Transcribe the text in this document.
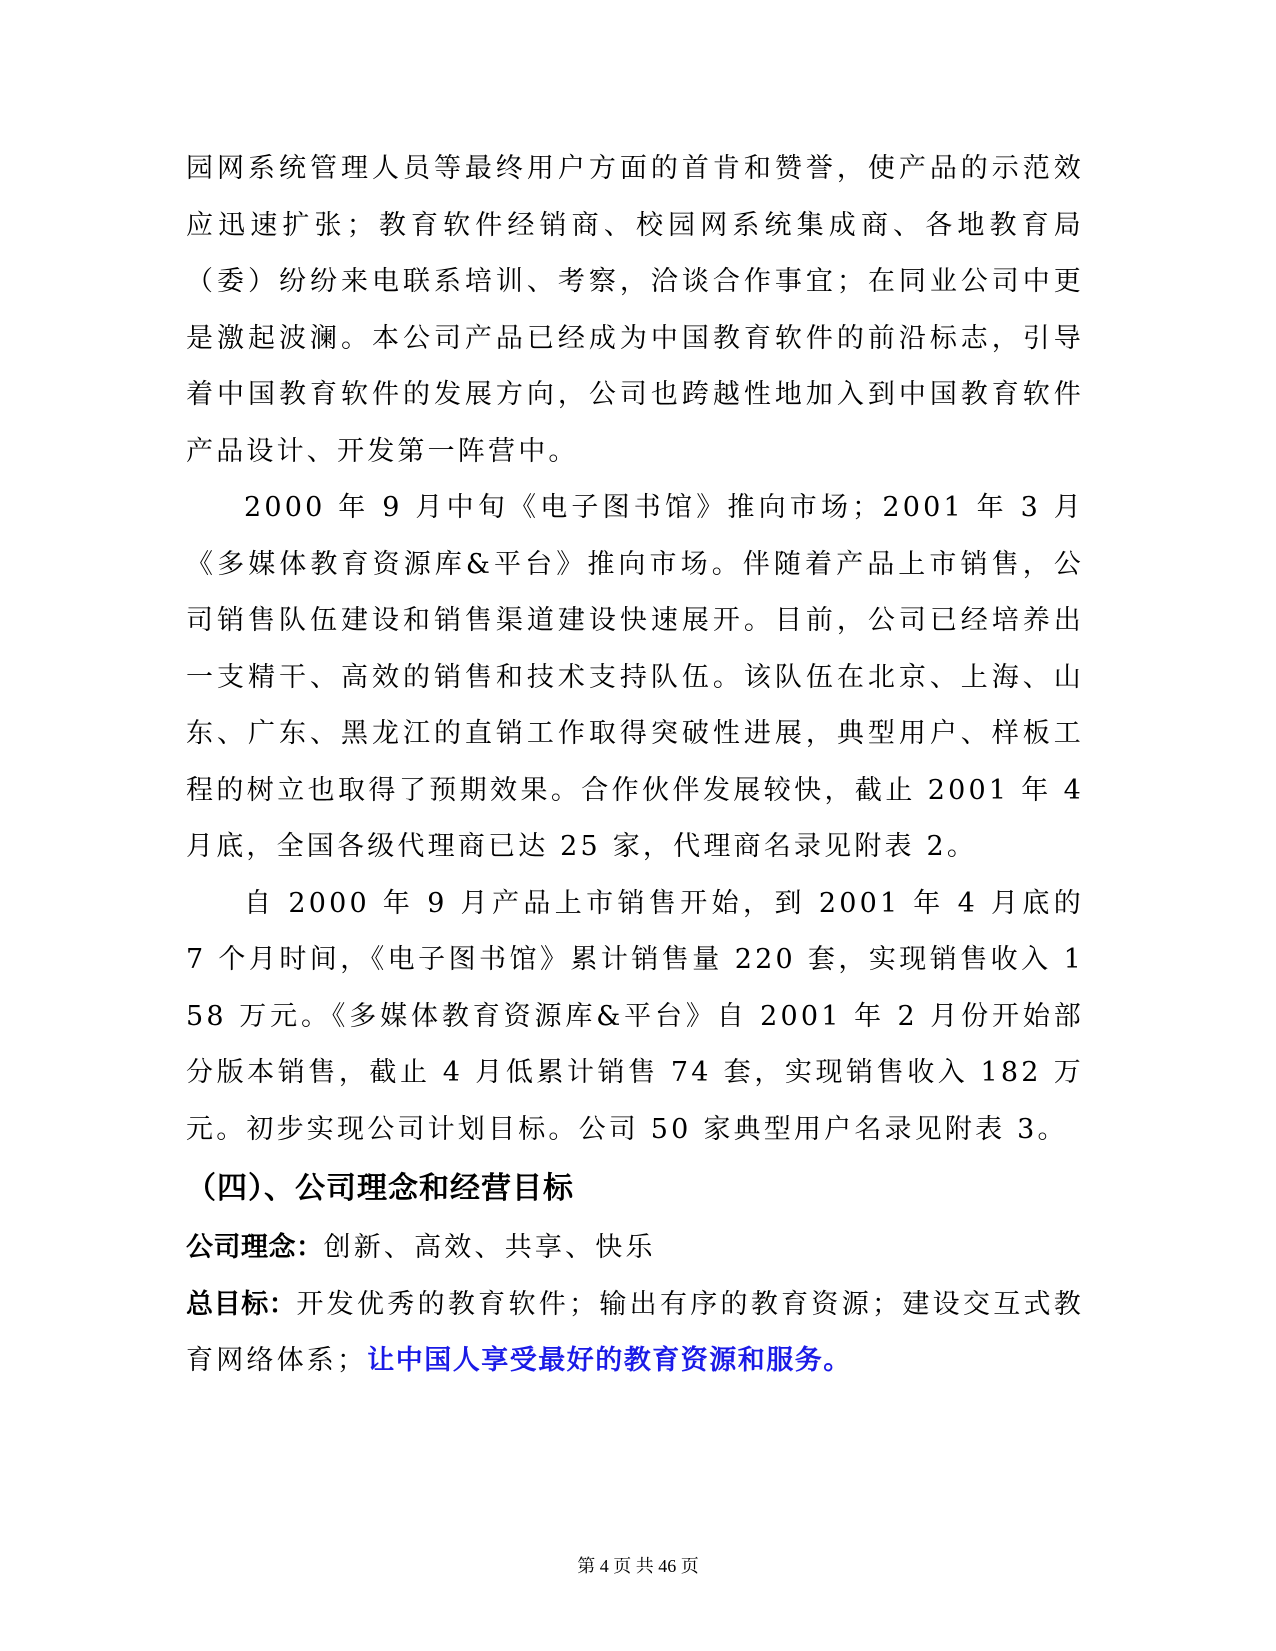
园网系统管理人员等最终用户方面的首肯和赞誉，使产品的示范效应迅速扩张；教育软件经销商、校园网系统集成商、各地教育局（委）纷纷来电联系培训、考察，洽谈合作事宜；在同业公司中更是激起波澜。本公司产品已经成为中国教育软件的前沿标志，引导着中国教育软件的发展方向，公司也跨越性地加入到中国教育软件产品设计、开发第一阵营中。

2000 年 9 月中旬《电子图书馆》推向市场；2001 年 3 月《多媒体教育资源库&平台》推向市场。伴随着产品上市销售，公司销售队伍建设和销售渠道建设快速展开。目前，公司已经培养出一支精干、高效的销售和技术支持队伍。该队伍在北京、上海、山东、广东、黑龙江的直销工作取得突破性进展，典型用户、样板工程的树立也取得了预期效果。合作伙伴发展较快，截止 2001 年 4 月底，全国各级代理商已达 25 家，代理商名录见附表 2。

自 2000 年 9 月产品上市销售开始，到 2001 年 4 月底的 7 个月时间，《电子图书馆》累计销售量 220 套，实现销售收入 158 万元。《多媒体教育资源库&平台》自 2001 年 2 月份开始部分版本销售，截止 4 月低累计销售 74 套，实现销售收入 182 万元。初步实现公司计划目标。公司 50 家典型用户名录见附表 3。

（四）、公司理念和经营目标

公司理念：创新、高效、共享、快乐

总目标：开发优秀的教育软件；输出有序的教育资源；建设交互式教育网络体系；让中国人享受最好的教育资源和服务。

第 4 页 共 46 页
